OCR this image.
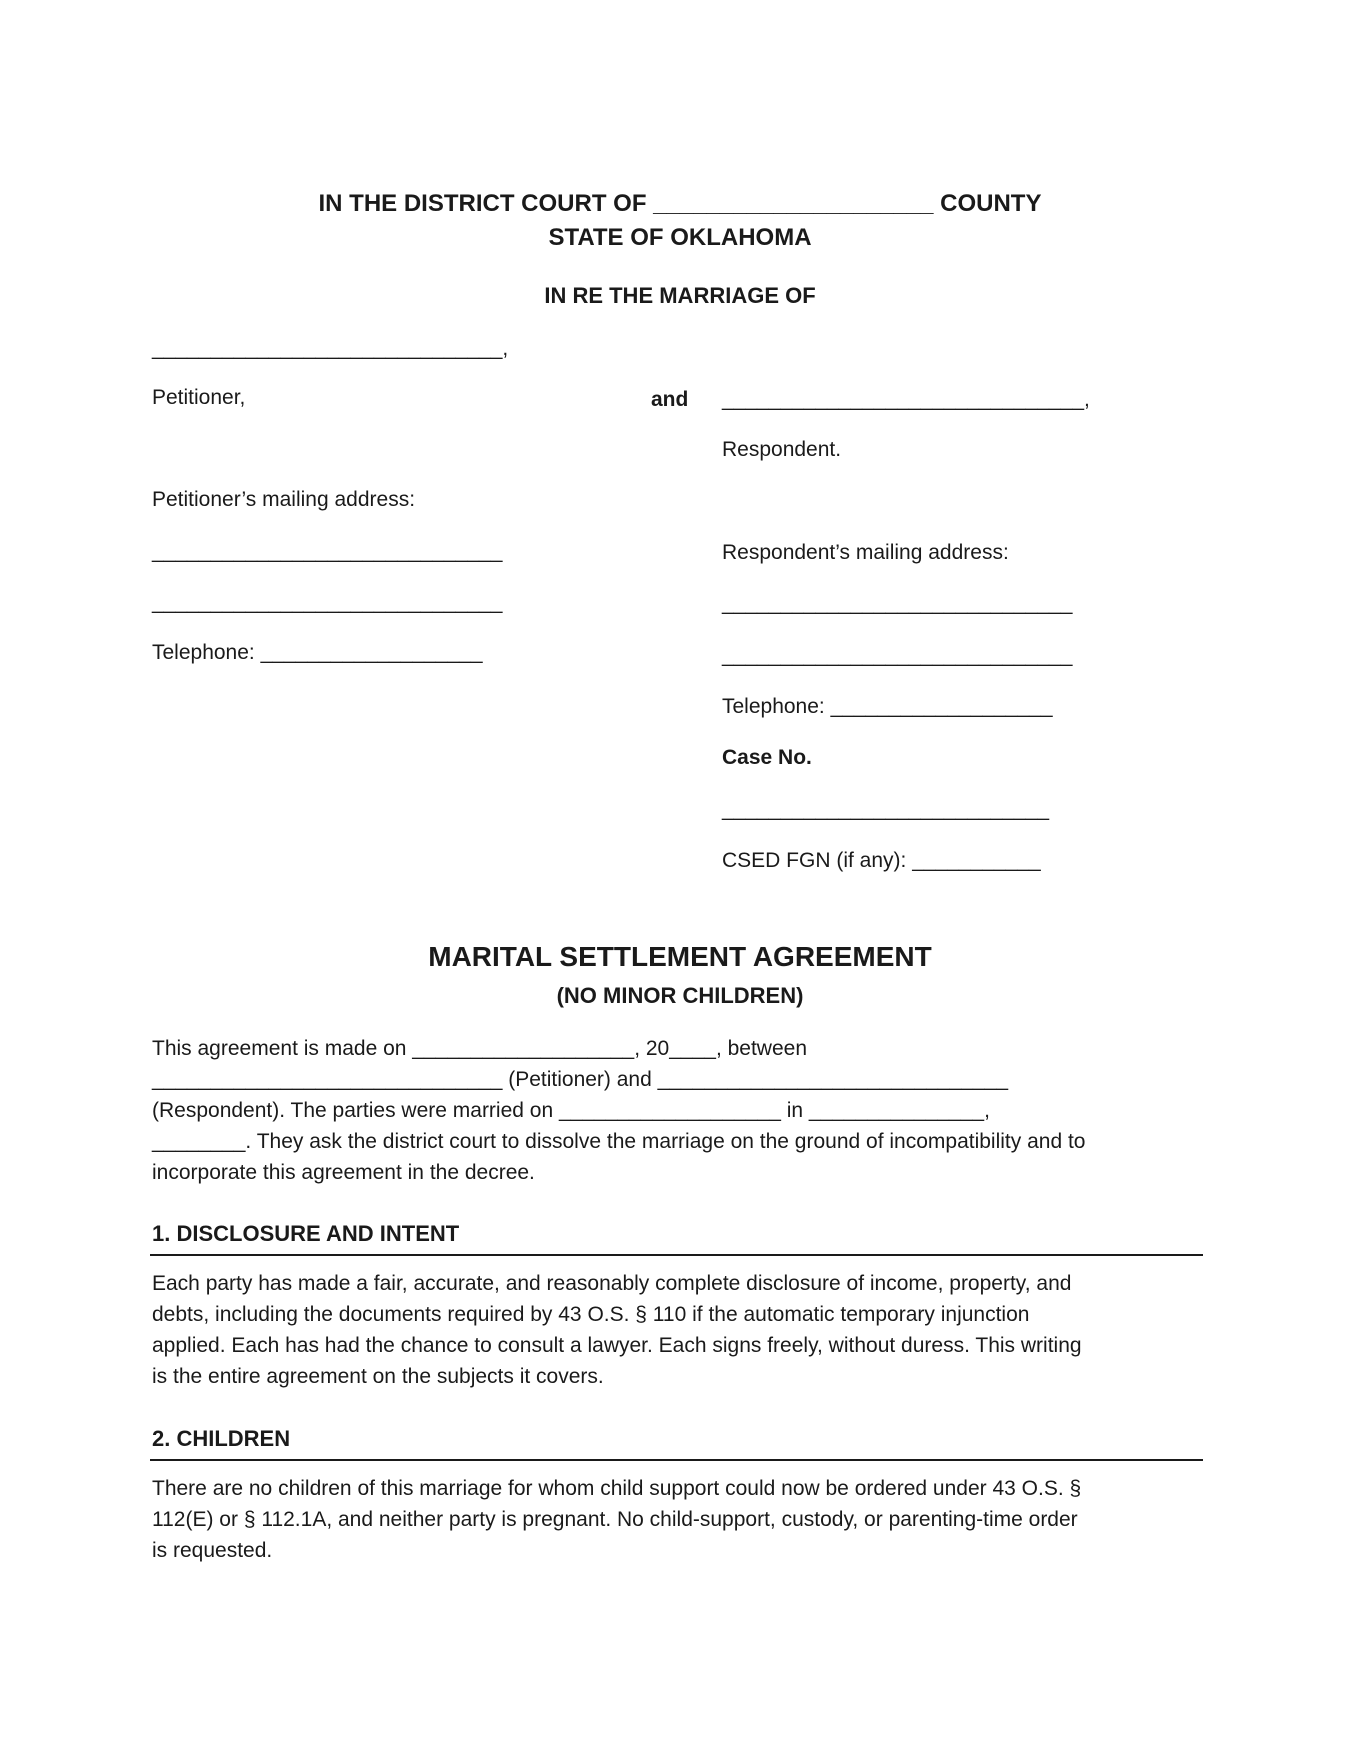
IN THE DISTRICT COURT OF _____________________ COUNTY
STATE OF OKLAHOMA
IN RE THE MARRIAGE OF
______________________________,
Petitioner,
Petitioner’s mailing address:
______________________________
______________________________
Telephone: ___________________
and _______________________________,
Respondent.
Respondent’s mailing address:
______________________________
______________________________
Telephone: ___________________
Case No.
____________________________
CSED FGN (if any): ___________
MARITAL SETTLEMENT AGREEMENT
(NO MINOR CHILDREN)
This agreement is made on ___________________, 20____, between
______________________________ (Petitioner) and ______________________________
(Respondent). The parties were married on ___________________ in _______________,
________. They ask the district court to dissolve the marriage on the ground of incompatibility and to
incorporate this agreement in the decree.
1. DISCLOSURE AND INTENT
Each party has made a fair, accurate, and reasonably complete disclosure of income, property, and
debts, including the documents required by 43 O.S. § 110 if the automatic temporary injunction
applied. Each has had the chance to consult a lawyer. Each signs freely, without duress. This writing
is the entire agreement on the subjects it covers.
2. CHILDREN
There are no children of this marriage for whom child support could now be ordered under 43 O.S. §
112(E) or § 112.1A, and neither party is pregnant. No child-support, custody, or parenting-time order
is requested.
